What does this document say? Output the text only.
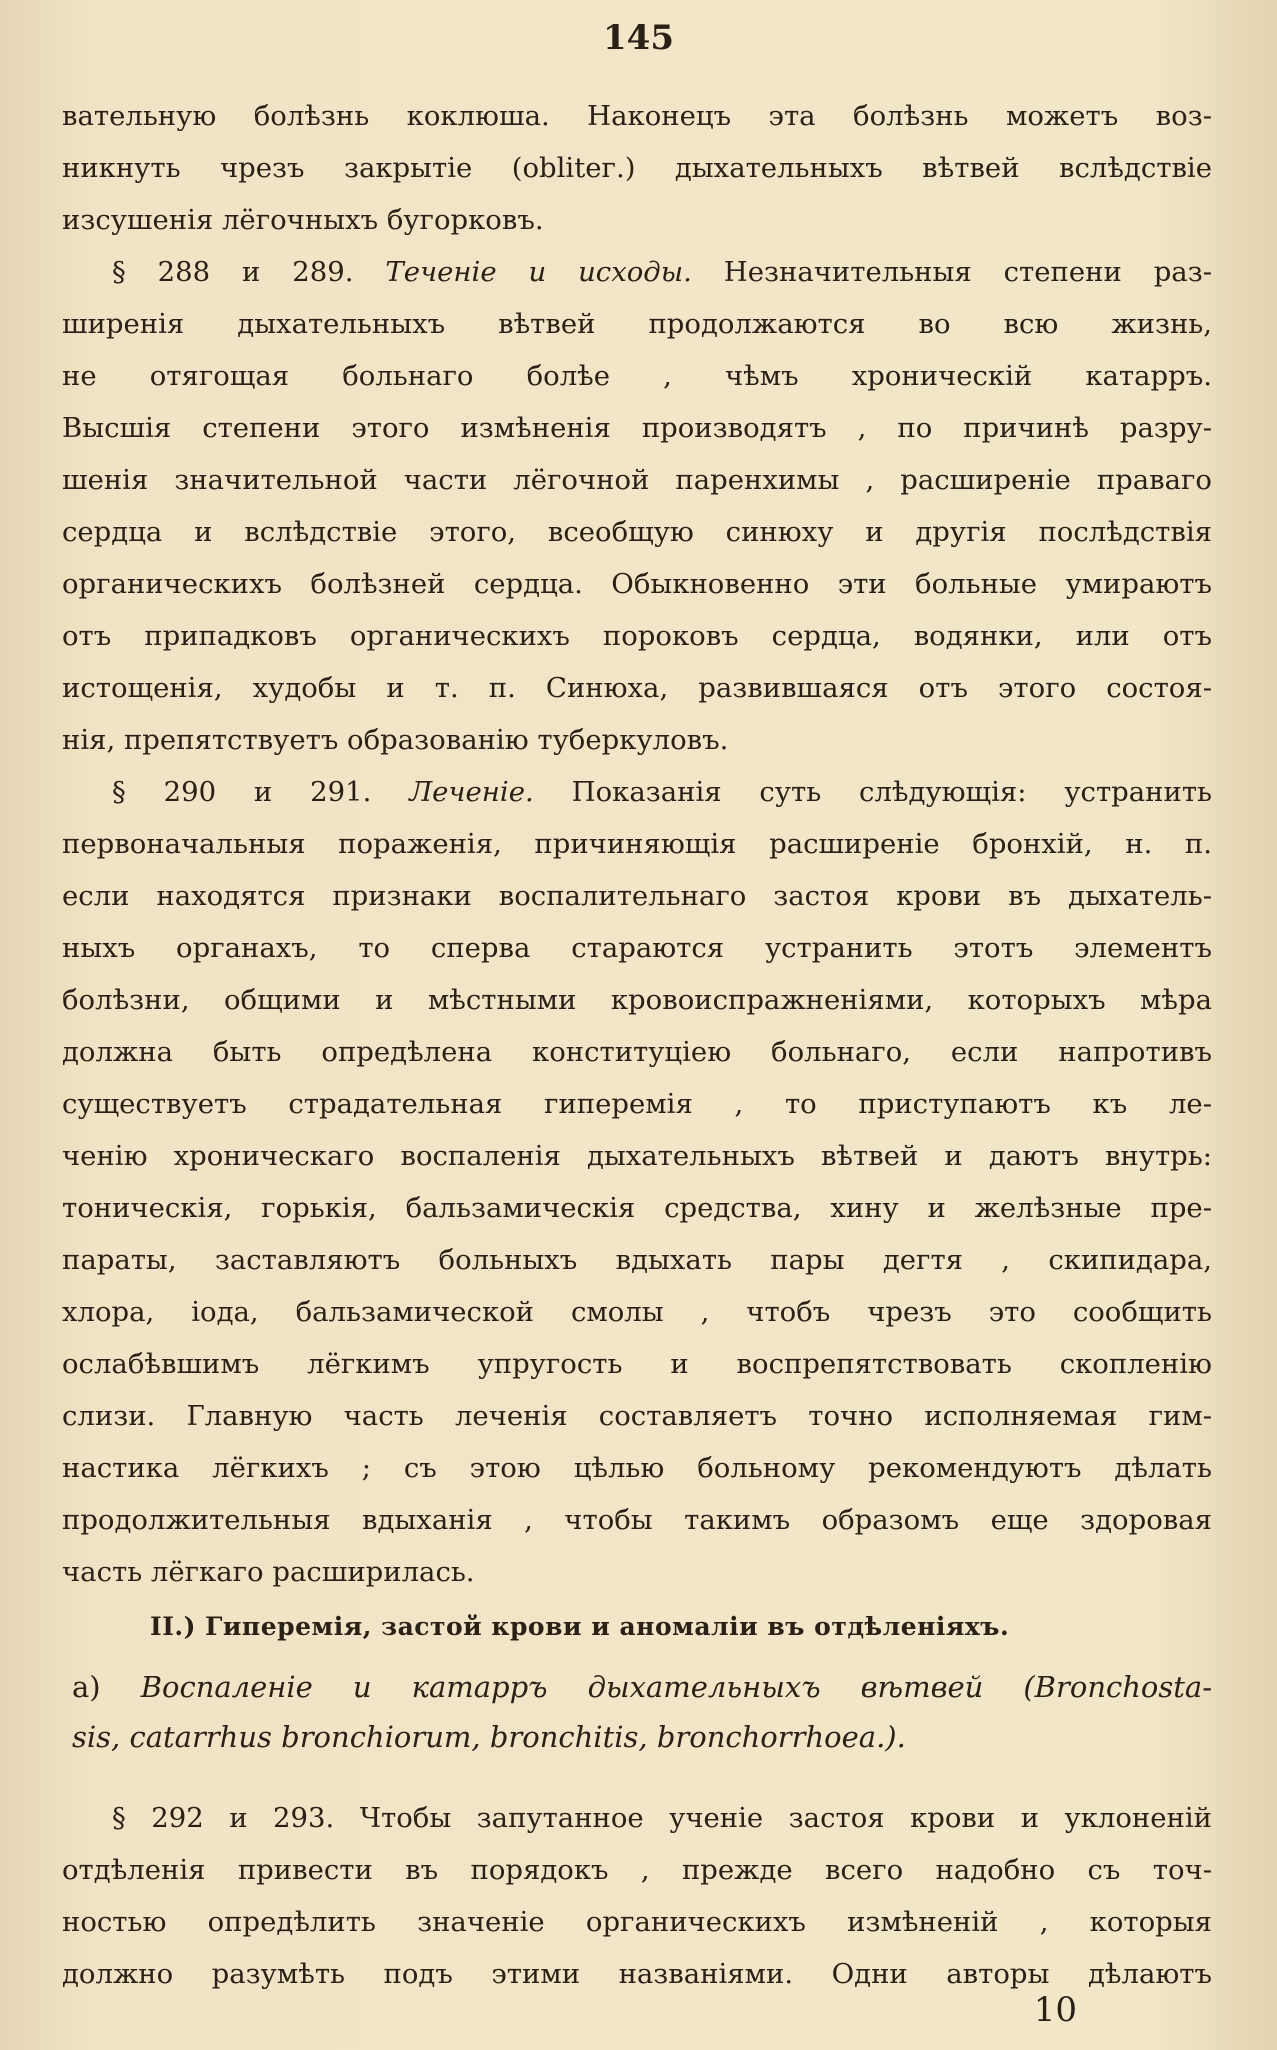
145
вательную болѣзнь коклюша. Наконецъ эта болѣзнь можетъ воз-
никнуть чрезъ закрытіе (oblitег.) дыхательныхъ вѣтвей вслѣдствіе
изсушенія лёгочныхъ бугорковъ.
§ 288 и 289. Теченіе и исходы. Незначительныя степени раз-
ширенія дыхательныхъ вѣтвей продолжаются во всю жизнь,
не отягощая больнаго болѣе , чѣмъ хроническій катарръ.
Высшія степени этого измѣненія производятъ , по причинѣ разру-
шенія значительной части лёгочной паренхимы , расширеніе праваго
сердца и вслѣдствіе этого, всеобщую синюху и другія послѣдствія
органическихъ болѣзней сердца. Обыкновенно эти больные умираютъ
отъ припадковъ органическихъ пороковъ сердца, водянки, или отъ
истощенія, худобы и т. п. Синюха, развившаяся отъ этого состоя-
нія, препятствуетъ образованію туберкуловъ.
§ 290 и 291. Леченіе. Показанія суть слѣдующія: устранить
первоначальныя пораженія, причиняющія расширеніе бронхій, н. п.
если находятся признаки воспалительнаго застоя крови въ дыхатель-
ныхъ органахъ, то сперва стараются устранить этотъ элементъ
болѣзни, общими и мѣстными кровоиспражненіями, которыхъ мѣра
должна быть опредѣлена конституціею больнаго, если напротивъ
существуетъ страдательная гиперемія , то приступаютъ къ ле-
ченію хроническаго воспаленія дыхательныхъ вѣтвей и даютъ внутрь:
тоническія, горькія, бальзамическія средства, хину и желѣзные пре-
параты, заставляютъ больныхъ вдыхать пары дегтя , скипидара,
хлора, іода, бальзамической смолы , чтобъ чрезъ это сообщить
ослабѣвшимъ лёгкимъ упругость и воспрепятствовать скопленію
слизи. Главную часть леченія составляетъ точно исполняемая гим-
настика лёгкихъ ; съ этою цѣлью больному рекомендуютъ дѣлать
продолжительныя вдыханія , чтобы такимъ образомъ еще здоровая
часть лёгкаго расширилась.
II.) Гиперемія, застой крови и аномаліи въ отдѣленіяхъ.
a) Воспаленіе и катарръ дыхательныхъ вѣтвей (Bronchosta-
sis, catarrhus bronchiorum, bronchitis, bronchorrhoea.).
§ 292 и 293. Чтобы запутанное ученіе застоя крови и уклоненій
отдѣленія привести въ порядокъ , прежде всего надобно съ точ-
ностью опредѣлить значеніе органическихъ измѣненій , которыя
должно разумѣть подъ этими названіями. Одни авторы дѣлаютъ
10
